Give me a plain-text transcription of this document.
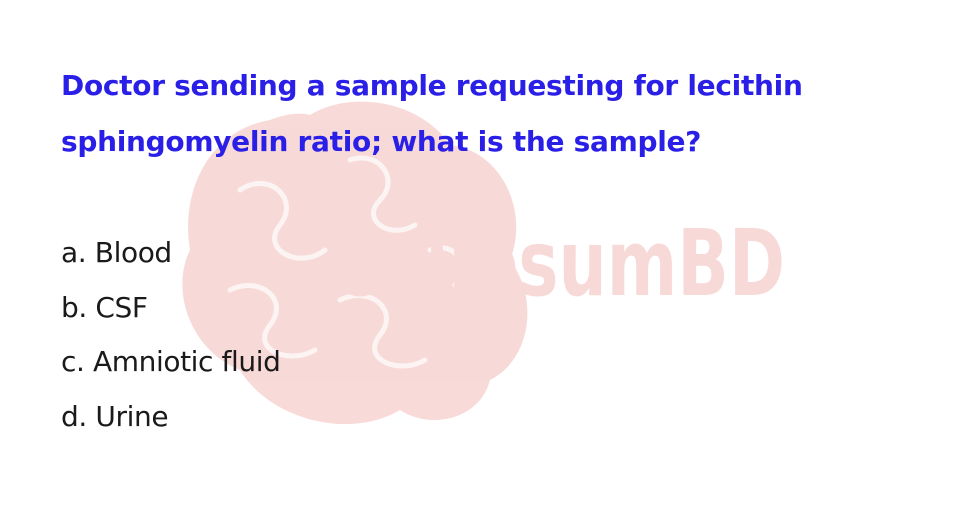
CallosumBD

Doctor sending a sample requesting for lecithin
sphingomyelin ratio; what is the sample?

a. Blood
b. CSF
c. Amniotic fluid
d. Urine
